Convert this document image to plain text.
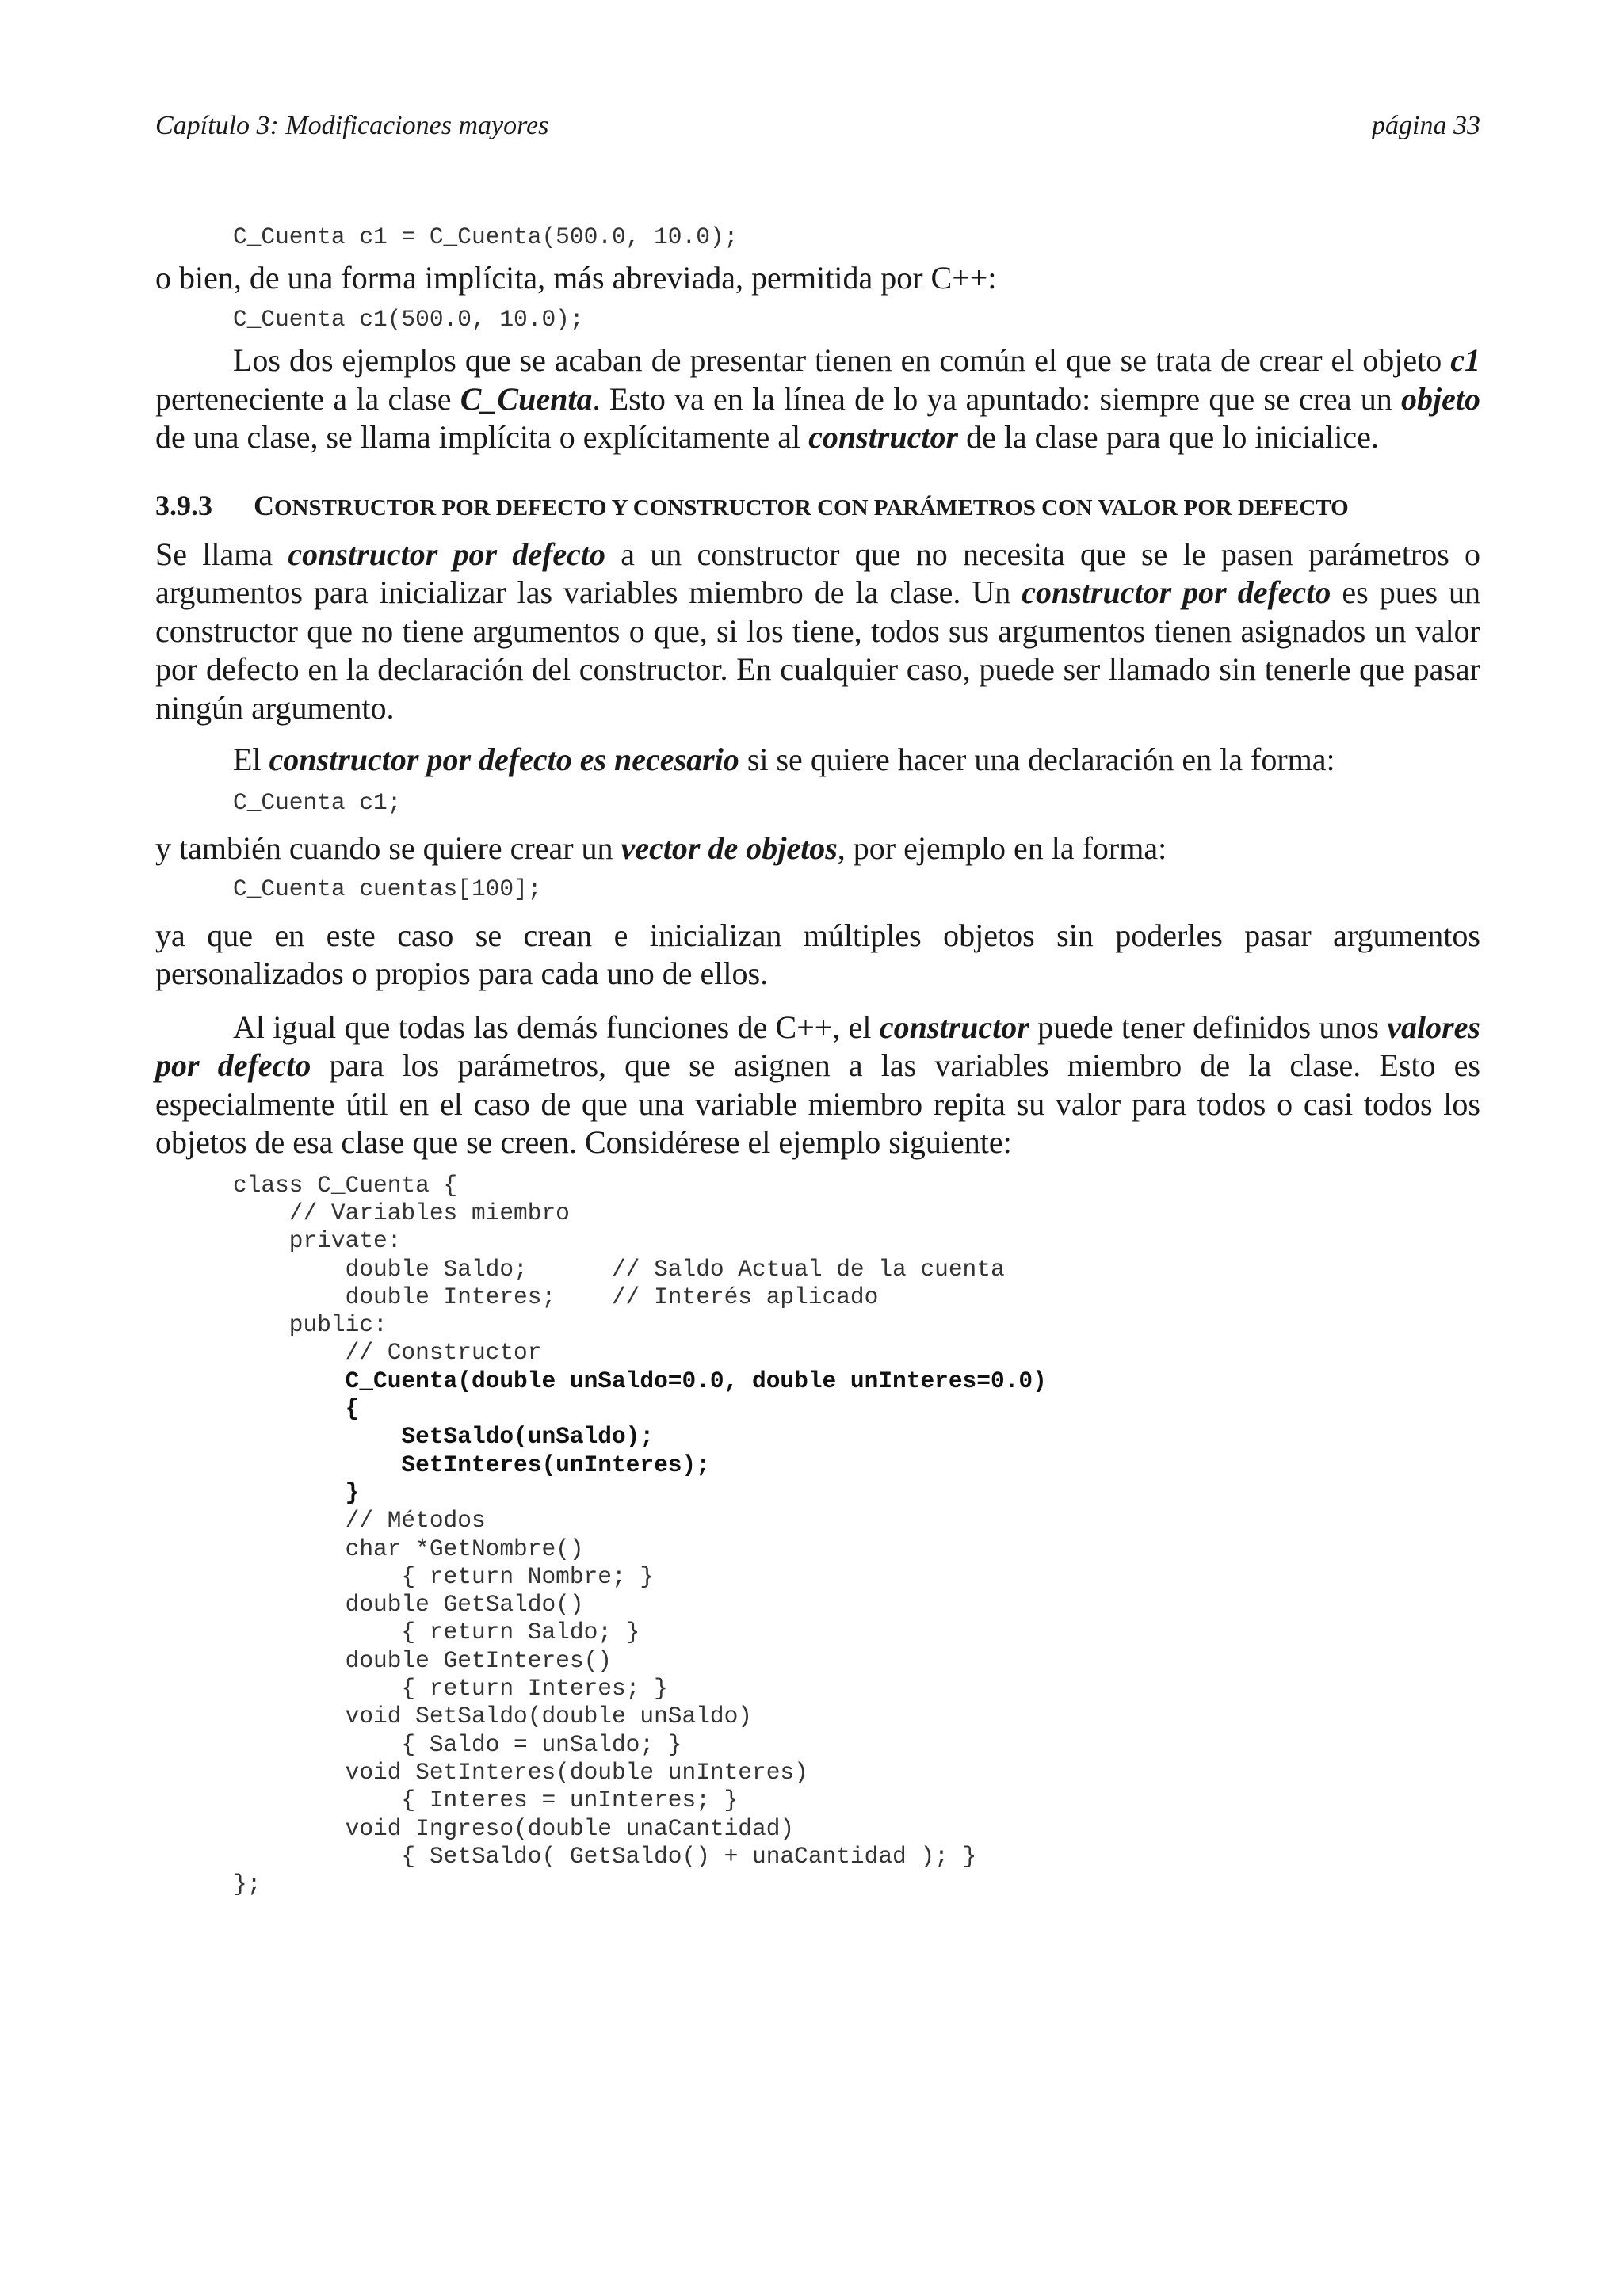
Capítulo 3: Modificaciones mayores	página 33
C_Cuenta c1 = C_Cuenta(500.0, 10.0);

o bien, de una forma implícita, más abreviada, permitida por C++:

C_Cuenta c1(500.0, 10.0);

Los dos ejemplos que se acaban de presentar tienen en común el que se trata de crear el objeto c1 perteneciente a la clase C_Cuenta. Esto va en la línea de lo ya apuntado: siempre que se crea un objeto de una clase, se llama implícita o explícitamente al constructor de la clase para que lo inicialice.

3.9.3 CONSTRUCTOR POR DEFECTO Y CONSTRUCTOR CON PARÁMETROS CON VALOR POR DEFECTO

Se llama constructor por defecto a un constructor que no necesita que se le pasen parámetros o argumentos para inicializar las variables miembro de la clase. Un constructor por defecto es pues un constructor que no tiene argumentos o que, si los tiene, todos sus argumentos tienen asignados un valor por defecto en la declaración del constructor. En cualquier caso, puede ser llamado sin tenerle que pasar ningún argumento.

El constructor por defecto es necesario si se quiere hacer una declaración en la forma:

C_Cuenta c1;

y también cuando se quiere crear un vector de objetos, por ejemplo en la forma:

C_Cuenta cuentas[100];

ya que en este caso se crean e inicializan múltiples objetos sin poderles pasar argumentos personalizados o propios para cada uno de ellos.

Al igual que todas las demás funciones de C++, el constructor puede tener definidos unos valores por defecto para los parámetros, que se asignen a las variables miembro de la clase. Esto es especialmente útil en el caso de que una variable miembro repita su valor para todos o casi todos los objetos de esa clase que se creen. Considérese el ejemplo siguiente:

class C_Cuenta {
// Variables miembro
private:
double Saldo;      // Saldo Actual de la cuenta
double Interes;    // Interés aplicado
public:
// Constructor
C_Cuenta(double unSaldo=0.0, double unInteres=0.0)
{
SetSaldo(unSaldo);
SetInteres(unInteres);
}
// Métodos
char *GetNombre()
{ return Nombre; }
double GetSaldo()
{ return Saldo; }
double GetInteres()
{ return Interes; }
void SetSaldo(double unSaldo)
{ Saldo = unSaldo; }
void SetInteres(double unInteres)
{ Interes = unInteres; }
void Ingreso(double unaCantidad)
{ SetSaldo( GetSaldo() + unaCantidad ); }
};
